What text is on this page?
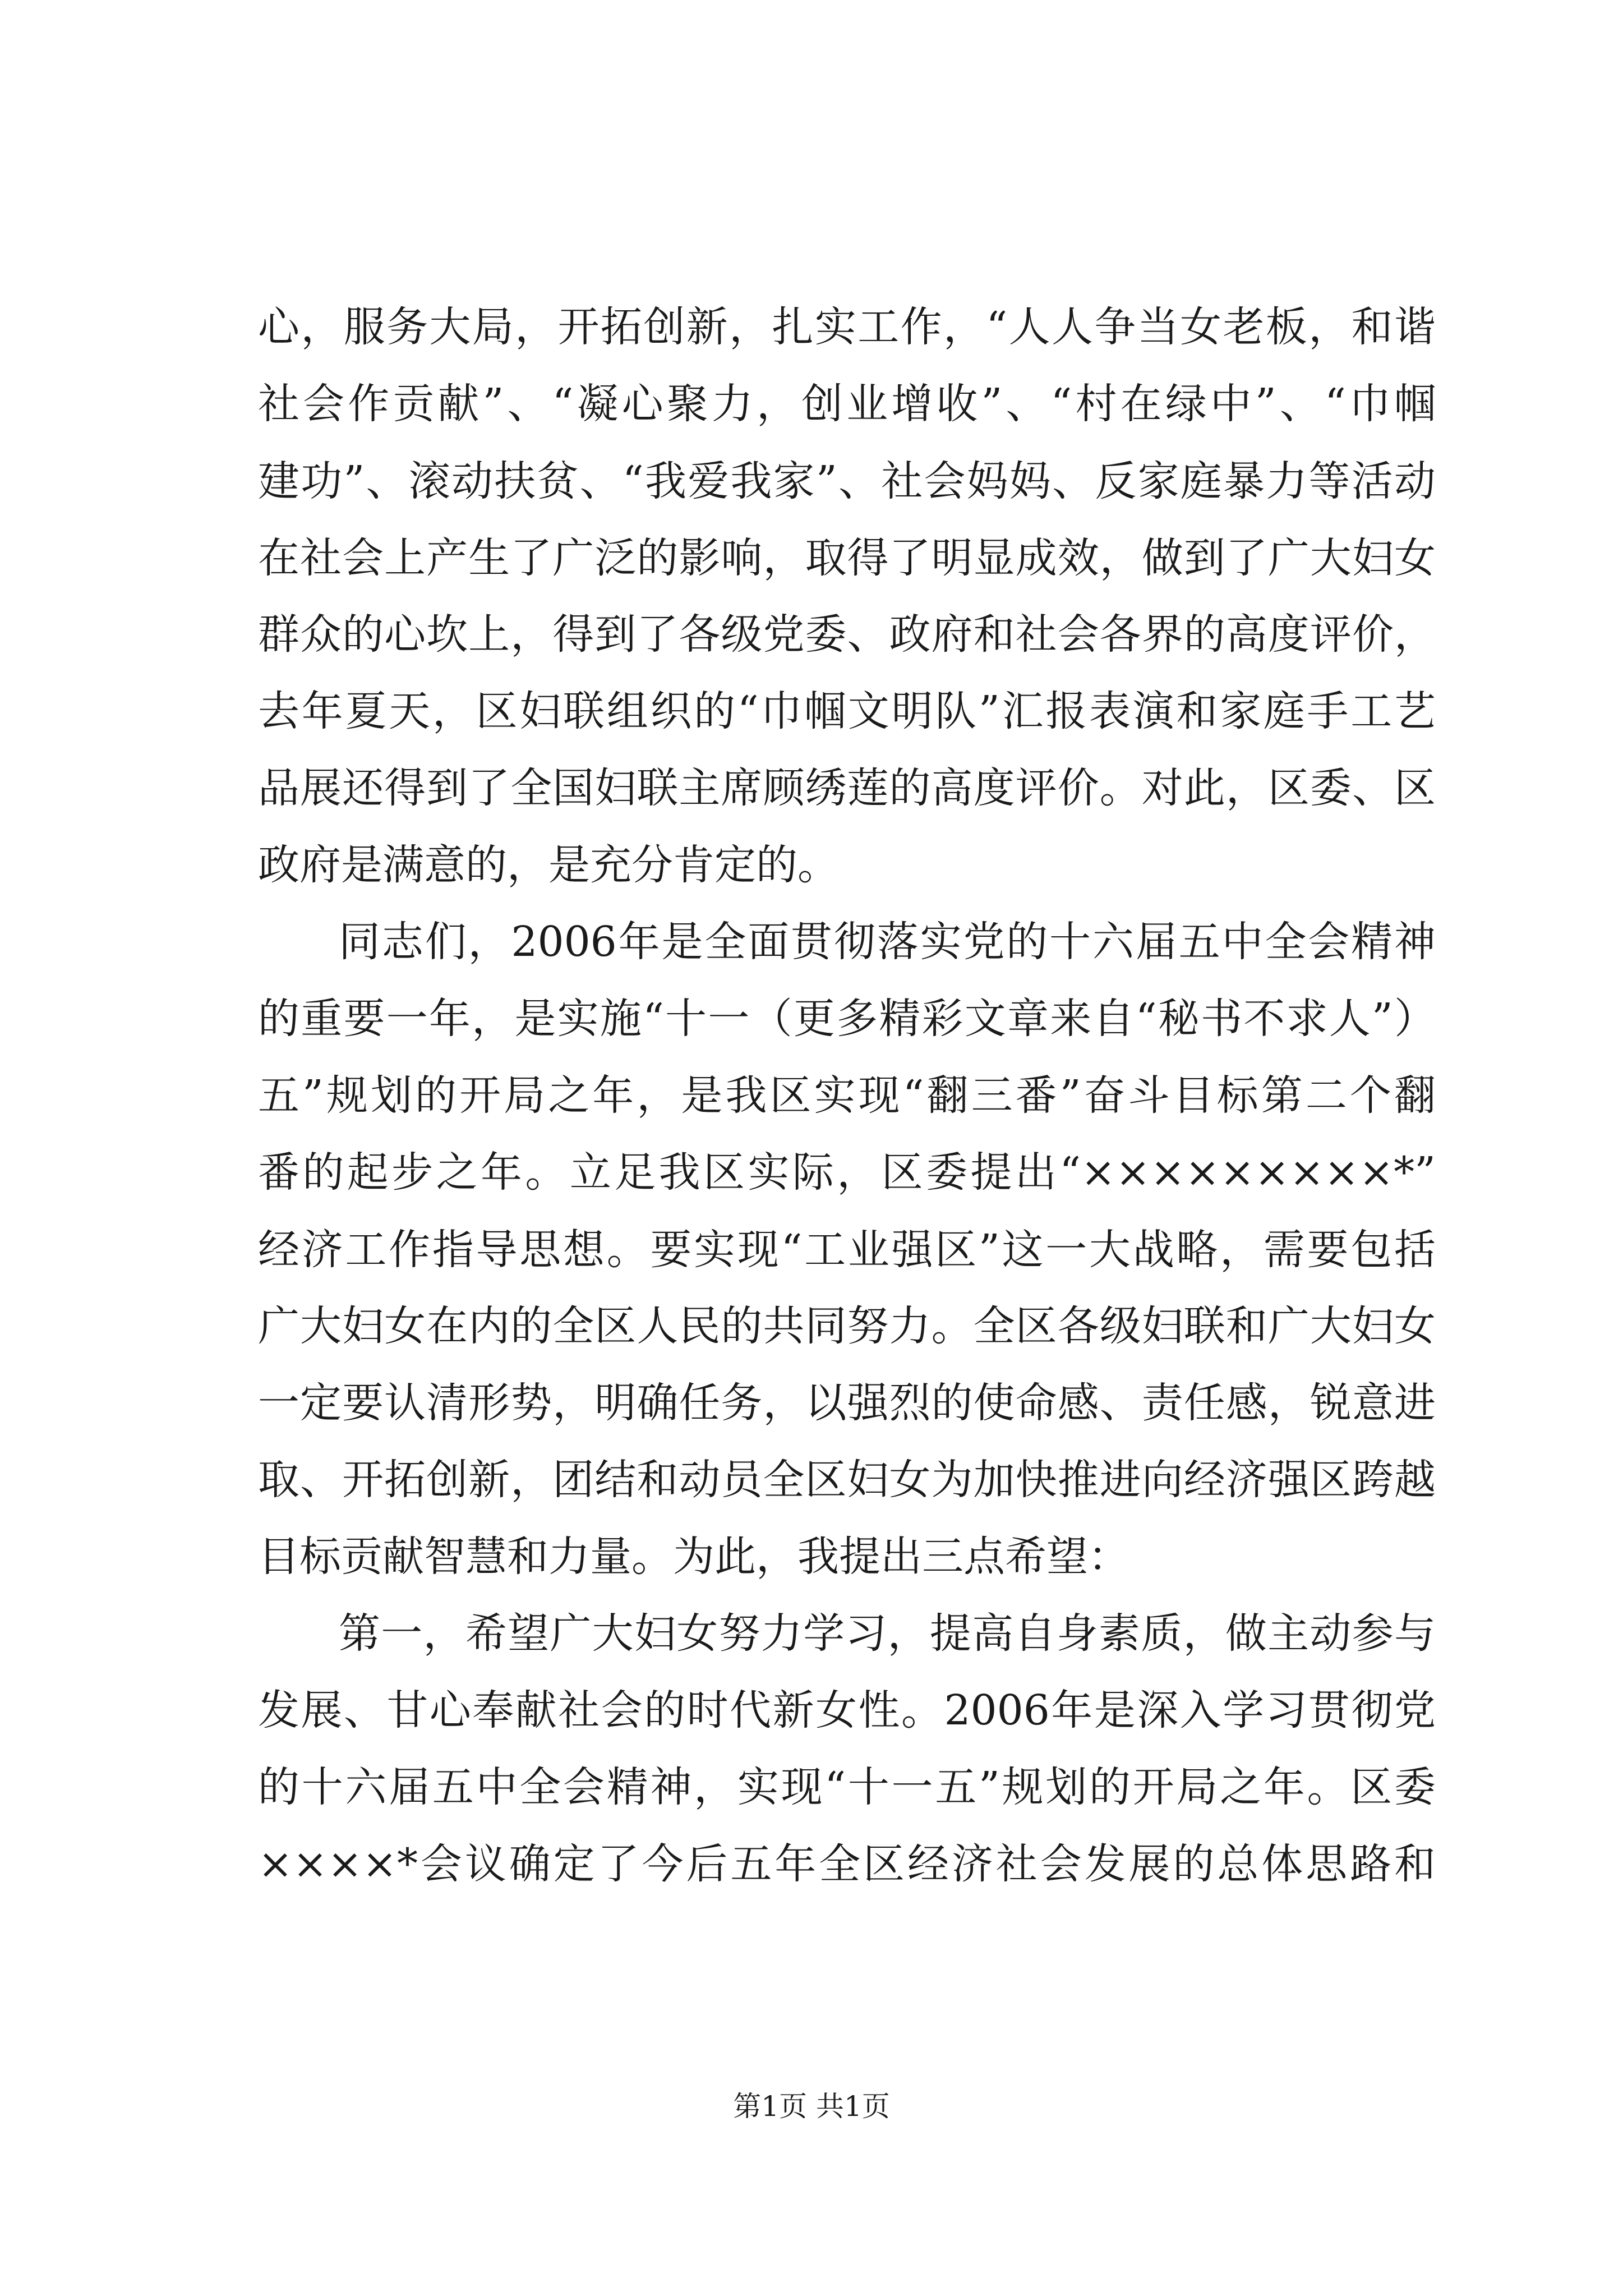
心，服务大局，开拓创新，扎实工作，“人人争当女老板，和谐
社会作贡献”、“凝心聚力，创业增收”、“村在绿中”、“巾帼
建功”、滚动扶贫、“我爱我家”、社会妈妈、反家庭暴力等活动
在社会上产生了广泛的影响，取得了明显成效，做到了广大妇女
群众的心坎上，得到了各级党委、政府和社会各界的高度评价，
去年夏天，区妇联组织的“巾帼文明队”汇报表演和家庭手工艺
品展还得到了全国妇联主席顾绣莲的高度评价。对此，区委、区
政府是满意的，是充分肯定的。
同志们，2006年是全面贯彻落实党的十六届五中全会精神
的重要一年，是实施“十一（更多精彩文章来自“秘书不求人”）
五”规划的开局之年，是我区实现“翻三番”奋斗目标第二个翻
番的起步之年。立足我区实际，区委提出“×××××××××*”
经济工作指导思想。要实现“工业强区”这一大战略，需要包括
广大妇女在内的全区人民的共同努力。全区各级妇联和广大妇女
一定要认清形势，明确任务，以强烈的使命感、责任感，锐意进
取、开拓创新，团结和动员全区妇女为加快推进向经济强区跨越
目标贡献智慧和力量。为此，我提出三点希望：
第一，希望广大妇女努力学习，提高自身素质，做主动参与
发展、甘心奉献社会的时代新女性。2006年是深入学习贯彻党
的十六届五中全会精神，实现“十一五”规划的开局之年。区委
××××*会议确定了今后五年全区经济社会发展的总体思路和
第1页 共1页
